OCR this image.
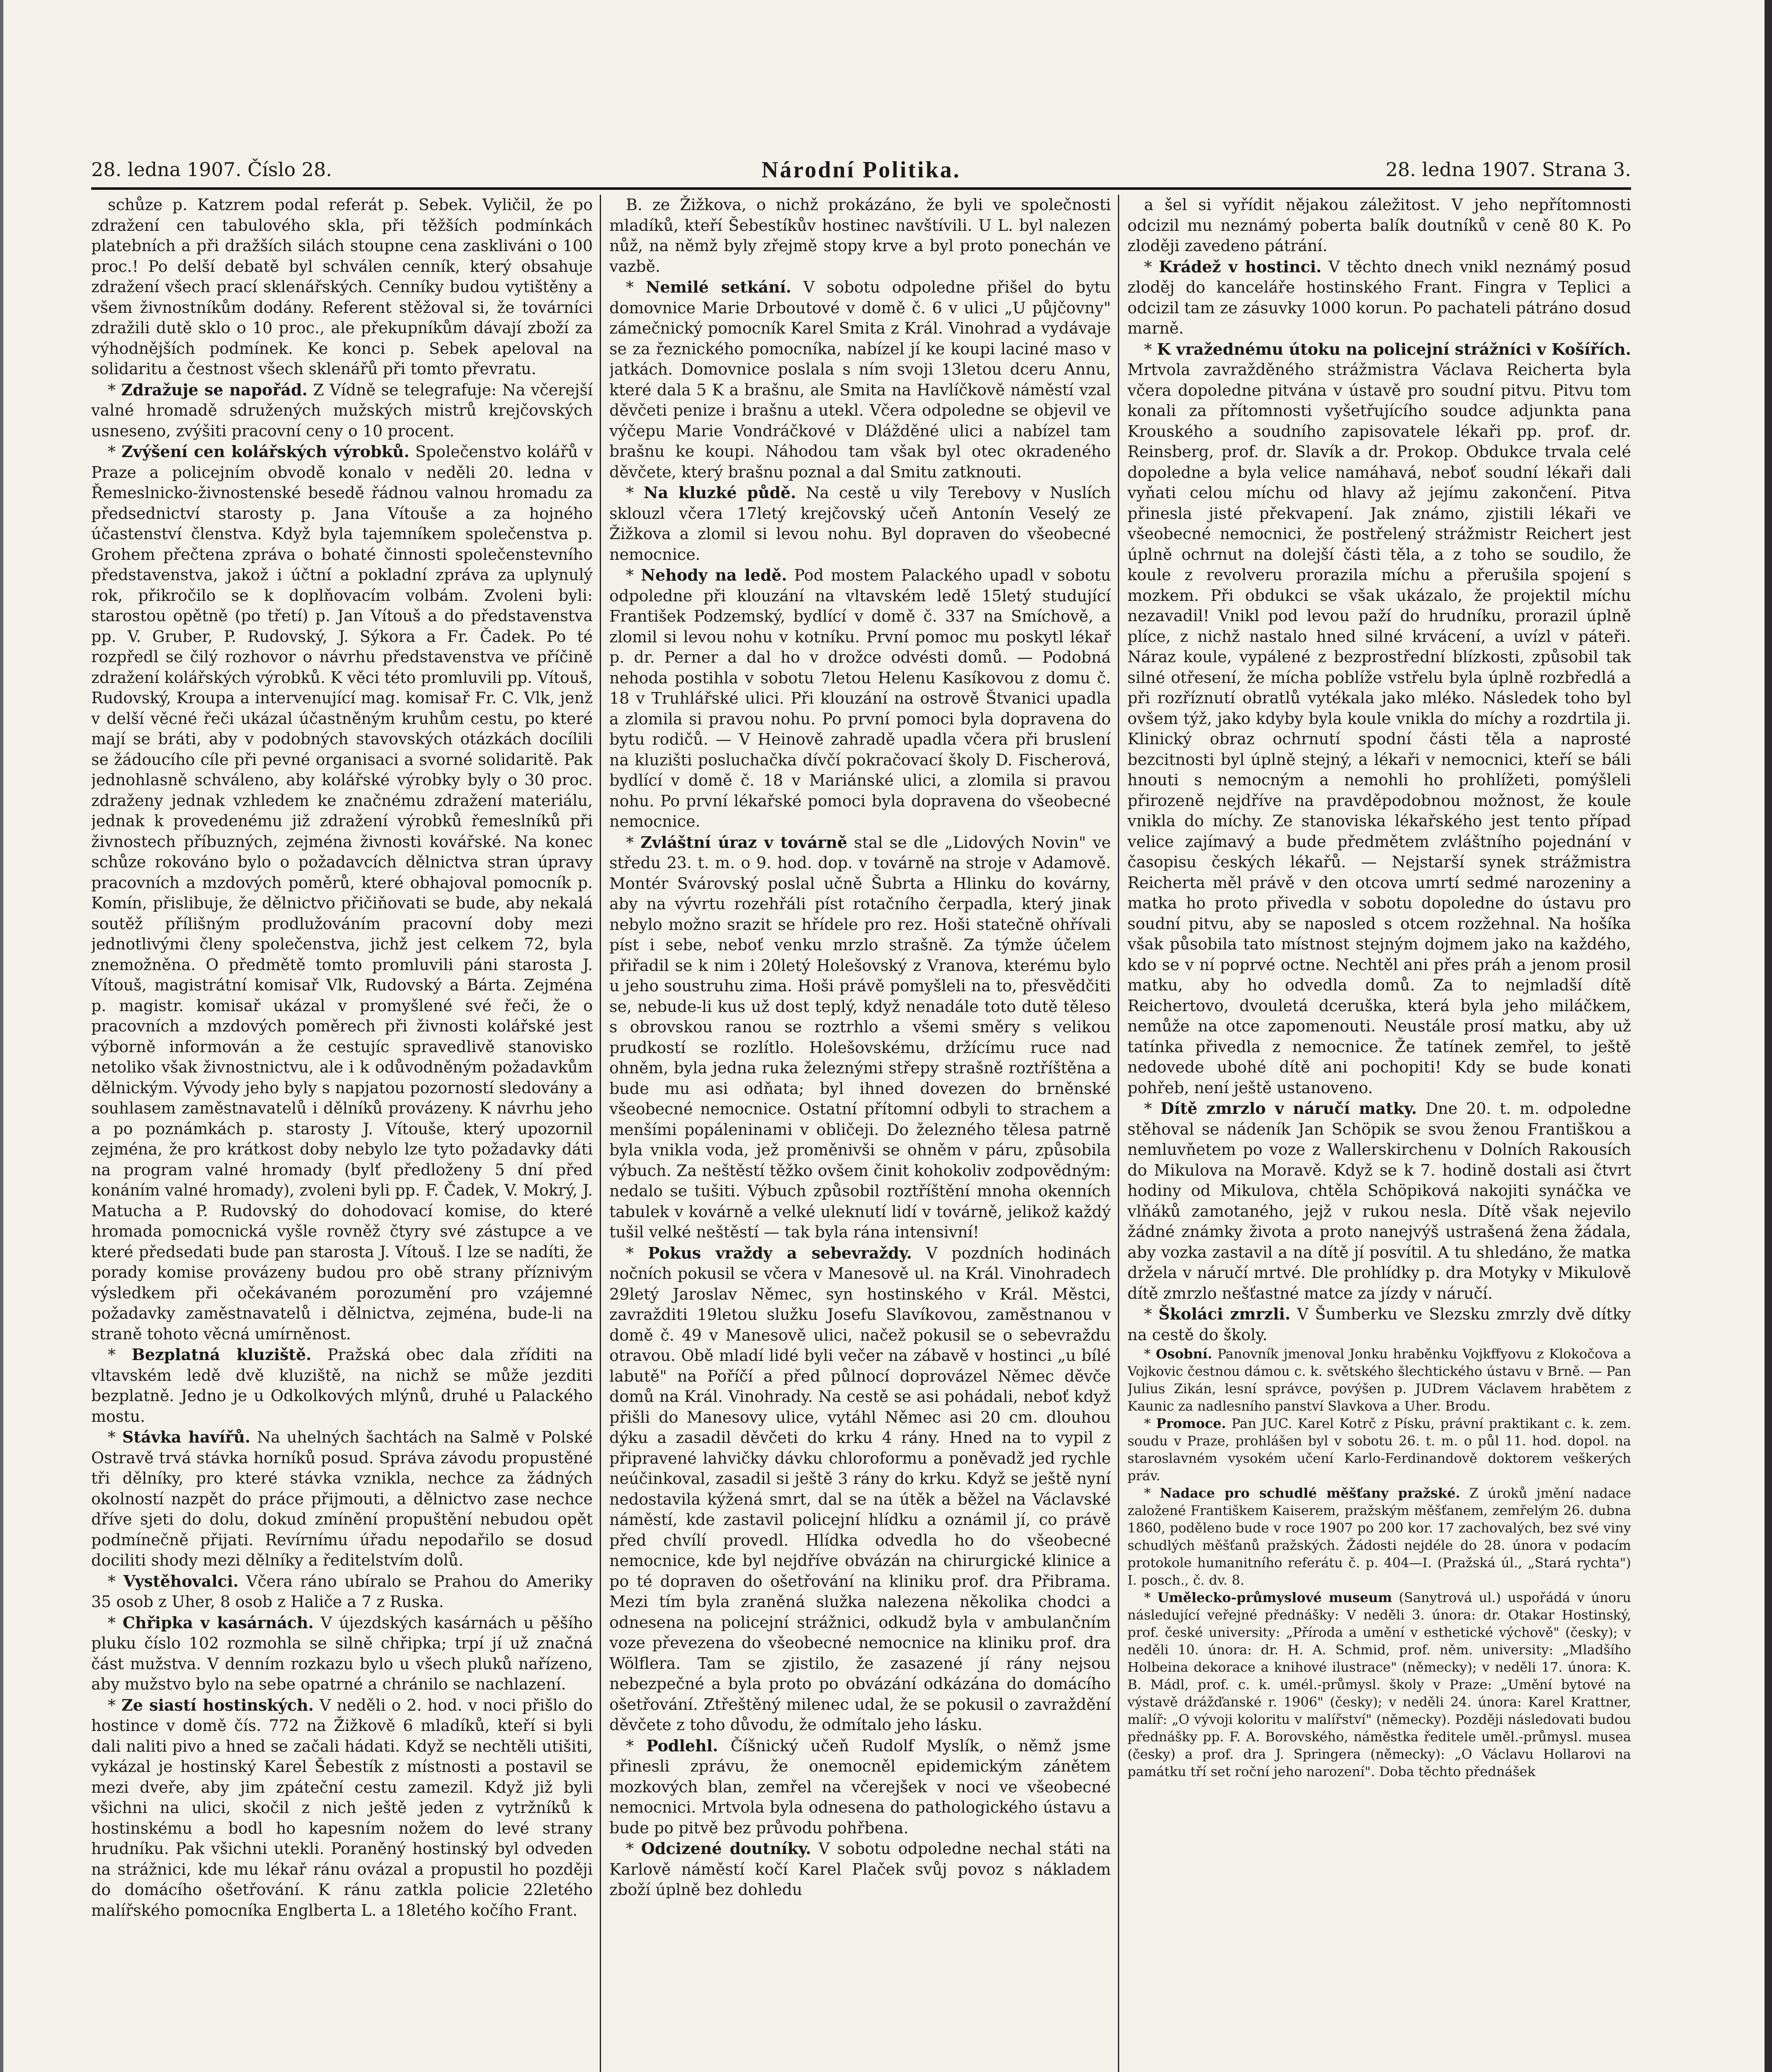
28. ledna 1907. Číslo 28.	Národní Politika.	28. ledna 1907. Strana 3.

schůze p. Katzrem podal referát p. Sebek. Vyličil, že po zdražení cen tabulového skla, při těžších podmínkách platebních a při dražších silách stoupne cena zaskliváni o 100 proc.! Po delší debatě byl schválen cenník, který obsahuje zdražení všech prací sklenářských. Cenníky budou vytištěny a všem živnostníkům dodány. Referent stěžoval si, že továrníci zdražili dutě sklo o 10 proc., ale překupníkům dávají zboží za výhodnějších podmínek. Ke konci p. Sebek apeloval na solidaritu a čestnost všech sklenářů při tomto převratu.

* Zdražuje se napořád. Z Vídně se telegrafuje: Na včerejší valné hromadě sdružených mužských mistrů krejčovských usneseno, zvýšiti pracovní ceny o 10 procent.

* Zvýšení cen kolářských výrobků. Společenstvo kolářů v Praze a policejním obvodě konalo v neděli 20. ledna v Řemeslnicko-živnostenské besedě řádnou valnou hromadu za předsednictví starosty p. Jana Vítouše a za hojného účastenství členstva. Když byla tajemníkem společenstva p. Grohem přečtena zpráva o bohaté činnosti společenstevního představenstva, jakož i účtní a pokladní zpráva za uplynulý rok, přikročilo se k doplňovacím volbám. Zvoleni byli: starostou opětně (po třetí) p. Jan Vítouš a do představenstva pp. V. Gruber, P. Rudovský, J. Sýkora a Fr. Čadek. Po té rozpředl se čilý rozhovor o návrhu představenstva ve příčině zdražení kolářských výrobků. K věci této promluvili pp. Vítouš, Rudovský, Kroupa a intervenující mag. komisař Fr. C. Vlk, jenž v delší věcné řeči ukázal účastněným kruhům cestu, po které mají se bráti, aby v podobných stavovských otázkách docílili se žádoucího cíle při pevné organisaci a svorné solidaritě. Pak jednohlasně schváleno, aby kolářské výrobky byly o 30 proc. zdraženy jednak vzhledem ke značnému zdražení materiálu, jednak k provedenému již zdražení výrobků řemeslníků při živnostech příbuzných, zejména živnosti kovářské. Na konec schůze rokováno bylo o požadavcích dělnictva stran úpravy pracovních a mzdových poměrů, které obhajoval pomocník p. Komín, přislibuje, že dělnictvo přičiňovati se bude, aby nekalá soutěž přílišným prodlužováním pracovní doby mezi jednotlivými členy společenstva, jichž jest celkem 72, byla znemožněna. O předmětě tomto promluvili páni starosta J. Vítouš, magistrátní komisař Vlk, Rudovský a Bárta. Zejména p. magistr. komisař ukázal v promyšlené své řeči, že o pracovních a mzdových poměrech při živnosti kolářské jest výborně informován a že cestujíc spravedlivě stanovisko netoliko však živnostnictvu, ale i k odůvodněným požadavkům dělnickým. Vývody jeho byly s napjatou pozorností sledovány a souhlasem zaměstnavatelů i dělníků provázeny. K návrhu jeho a po poznámkách p. starosty J. Vítouše, který upozornil zejména, že pro krátkost doby nebylo lze tyto požadavky dáti na program valné hromady (bylť předloženy 5 dní před konáním valné hromady), zvoleni byli pp. F. Čadek, V. Mokrý, J. Matucha a P. Rudovský do dohodovací komise, do které hromada pomocnická vyšle rovněž čtyry své zástupce a ve které předsedati bude pan starosta J. Vítouš. I lze se nadíti, že porady komise provázeny budou pro obě strany příznivým výsledkem při očekávaném porozumění pro vzájemné požadavky zaměstnavatelů i dělnictva, zejména, bude-li na straně tohoto věcná umírněnost.

* Bezplatná kluziště. Pražská obec dala zříditi na vltavském ledě dvě kluziště, na nichž se může jezditi bezplatně. Jedno je u Odkolkových mlýnů, druhé u Palackého mostu.

* Stávka havířů. Na uhelných šachtách na Salmě v Polské Ostravě trvá stávka horníků posud. Správa závodu propustěné tři dělníky, pro které stávka vznikla, nechce za žádných okolností nazpět do práce přijmouti, a dělnictvo zase nechce dříve sjeti do dolu, dokud zmínění propuštění nebudou opět podmínečně přijati. Revírnímu úřadu nepodařilo se dosud dociliti shody mezi dělníky a ředitelstvím dolů.

* Vystěhovalci. Včera ráno ubíralo se Prahou do Ameriky 35 osob z Uher, 8 osob z Haliče a 7 z Ruska.

* Chřipka v kasárnách. V újezdských kasárnách u pěšího pluku číslo 102 rozmohla se silně chřipka; trpí jí už značná část mužstva. V denním rozkazu bylo u všech pluků nařízeno, aby mužstvo bylo na sebe opatrné a chránilo se nachlazení.

* Ze siastí hostinských. V neděli o 2. hod. v noci přišlo do hostince v domě čís. 772 na Žižkově 6 mladíků, kteří si byli dali naliti pivo a hned se začali hádati. Když se nechtěli utišiti, vykázal je hostinský Karel Šebestík z místnosti a postavil se mezi dveře, aby jim zpáteční cestu zamezil. Když již byli všichni na ulici, skočil z nich ještě jeden z vytržníků k hostinskému a bodl ho kapesním nožem do levé strany hrudníku. Pak všichni utekli. Poraněný hostinský byl odveden na strážnici, kde mu lékař ránu ovázal a propustil ho později do domácího ošetřování. K ránu zatkla policie 22letého malířského pomocníka Englberta L. a 18letého kočího Frant.

B. ze Žižkova, o nichž prokázáno, že byli ve společnosti mladíků, kteří Šebestíkův hostinec navštívili. U L. byl nalezen nůž, na němž byly zřejmě stopy krve a byl proto ponechán ve vazbě.

* Nemilé setkání. V sobotu odpoledne přišel do bytu domovnice Marie Drboutové v domě č. 6 v ulici „U půjčovny" zámečnický pomocník Karel Smita z Král. Vinohrad a vydávaje se za řeznického pomocníka, nabízel jí ke koupi laciné maso v jatkách. Domovnice poslala s ním svoji 13letou dceru Annu, které dala 5 K a brašnu, ale Smita na Havlíčkově náměstí vzal děvčeti penize i brašnu a utekl. Včera odpoledne se objevil ve výčepu Marie Vondráčkové v Dlážděné ulici a nabízel tam brašnu ke koupi. Náhodou tam však byl otec okradeného děvčete, který brašnu poznal a dal Smitu zatknouti.

* Na kluzké půdě. Na cestě u vily Terebovy v Nuslích sklouzl včera 17letý krejčovský učeň Antonín Veselý ze Žižkova a zlomil si levou nohu. Byl dopraven do všeobecné nemocnice.

* Nehody na ledě. Pod mostem Palackého upadl v sobotu odpoledne při klouzání na vltavském ledě 15letý studující František Podzemský, bydlící v domě č. 337 na Smíchově, a zlomil si levou nohu v kotníku. První pomoc mu poskytl lékař p. dr. Perner a dal ho v drožce odvésti domů. — Podobná nehoda postihla v sobotu 7letou Helenu Kasíkovou z domu č. 18 v Truhlářské ulici. Při klouzání na ostrově Štvanici upadla a zlomila si pravou nohu. Po první pomoci byla dopravena do bytu rodičů. — V Heinově zahradě upadla včera při bruslení na kluzišti posluchačka dívčí pokračovací školy D. Fischerová, bydlící v domě č. 18 v Mariánské ulici, a zlomila si pravou nohu. Po první lékařské pomoci byla dopravena do všeobecné nemocnice.

* Zvláštní úraz v továrně stal se dle „Lidových Novin" ve středu 23. t. m. o 9. hod. dop. v továrně na stroje v Adamově. Montér Svárovský poslal učně Šubrta a Hlinku do kovárny, aby na vývrtu rozehřáli píst rotačního čerpadla, který jinak nebylo možno srazit se hřídele pro rez. Hoši statečně ohřívali píst i sebe, neboť venku mrzlo strašně. Za týmže účelem přiřadil se k nim i 20letý Holešovský z Vranova, kterému bylo u jeho soustruhu zima. Hoši právě pomyšleli na to, přesvědčiti se, nebude-li kus už dost teplý, když nenadále toto dutě těleso s obrovskou ranou se roztrhlo a všemi směry s velikou prudkostí se rozlítlo. Holešovskému, držícímu ruce nad ohněm, byla jedna ruka železnými střepy strašně roztříštěna a bude mu asi odňata; byl ihned dovezen do brněnské všeobecné nemocnice. Ostatní přítomní odbyli to strachem a menšími popáleninami v obličeji. Do železného tělesa patrně byla vnikla voda, jež proměnivši se ohněm v páru, způsobila výbuch. Za neštěstí těžko ovšem činit kohokoliv zodpovědným: nedalo se tušiti. Výbuch způsobil roztříštění mnoha okenních tabulek v kovárně a velké uleknutí lidí v továrně, jelikož každý tušil velké neštěstí — tak byla rána intensivní!

* Pokus vraždy a sebevraždy. V pozdních hodinách nočních pokusil se včera v Manesově ul. na Král. Vinohradech 29letý Jaroslav Němec, syn hostinského v Král. Městci, zavražditi 19letou služku Josefu Slavíkovou, zaměstnanou v domě č. 49 v Manesově ulici, načež pokusil se o sebevraždu otravou. Obě mladí lidé byli večer na zábavě v hostinci „u bílé labutě" na Poříčí a před půlnocí doprovázel Němec děvče domů na Král. Vinohrady. Na cestě se asi pohádali, neboť když přišli do Manesovy ulice, vytáhl Němec asi 20 cm. dlouhou dýku a zasadil děvčeti do krku 4 rány. Hned na to vypil z připravené lahvičky dávku chloroformu a poněvadž jed rychle neúčinkoval, zasadil si ještě 3 rány do krku. Když se ještě nyní nedostavila kýžená smrt, dal se na útěk a běžel na Václavské náměstí, kde zastavil policejní hlídku a oznámil jí, co právě před chvílí provedl. Hlídka odvedla ho do všeobecné nemocnice, kde byl nejdříve obvázán na chirurgické klinice a po té dopraven do ošetřování na kliniku prof. dra Přibrama. Mezi tím byla zraněná služka nalezena několika chodci a odnesena na policejní strážnici, odkudž byla v ambulančním voze převezena do všeobecné nemocnice na kliniku prof. dra Wölflera. Tam se zjistilo, že zasazené jí rány nejsou nebezpečné a byla proto po obvázání odkázána do domácího ošetřování. Ztřeštěný milenec udal, že se pokusil o zavraždění děvčete z toho důvodu, že odmítalo jeho lásku.

* Podlehl. Číšnický učeň Rudolf Myslík, o němž jsme přinesli zprávu, že onemocněl epidemickým zánětem mozkových blan, zemřel na včerejšek v noci ve všeobecné nemocnici. Mrtvola byla odnesena do pathologického ústavu a bude po pitvě bez průvodu pohřbena.

* Odcizené doutníky. V sobotu odpoledne nechal státi na Karlově náměstí kočí Karel Plaček svůj povoz s nákladem zboží úplně bez dohledu

a šel si vyřídit nějakou záležitost. V jeho nepřítomnosti odcizil mu neznámý poberta balík doutníků v ceně 80 K. Po zloději zavedeno pátrání.

* Krádež v hostinci. V těchto dnech vnikl neznámý posud zloděj do kanceláře hostinského Frant. Fingra v Teplici a odcizil tam ze zásuvky 1000 korun. Po pachateli pátráno dosud marně.

* K vražednému útoku na policejní strážníci v Košířích. Mrtvola zavražděného strážmistra Václava Reicherta byla včera dopoledne pitvána v ústavě pro soudní pitvu. Pitvu tom konali za přítomnosti vyšetřujícího soudce adjunkta pana Krouského a soudního zapisovatele lékaři pp. prof. dr. Reinsberg, prof. dr. Slavík a dr. Prokop. Obdukce trvala celé dopoledne a byla velice namáhavá, neboť soudní lékaři dali vyňati celou míchu od hlavy až jejímu zakončení. Pitva přinesla jisté překvapení. Jak známo, zjistili lékaři ve všeobecné nemocnici, že postřelený strážmistr Reichert jest úplně ochrnut na dolejší části těla, a z toho se soudilo, že koule z revolveru prorazila míchu a přerušila spojení s mozkem. Při obdukci se však ukázalo, že projektil míchu nezavadil! Vnikl pod levou paží do hrudníku, prorazil úplně plíce, z nichž nastalo hned silné krvácení, a uvízl v páteři. Náraz koule, vypálené z bezprostřední blízkosti, způsobil tak silné otřesení, že mícha poblíže vstřelu byla úplně rozbředlá a při rozříznutí obratlů vytékala jako mléko. Následek toho byl ovšem týž, jako kdyby byla koule vnikla do míchy a rozdrtila ji. Klinický obraz ochrnutí spodní části těla a naprosté bezcitnosti byl úplně stejný, a lékaři v nemocnici, kteří se báli hnouti s nemocným a nemohli ho prohlížeti, pomýšleli přirozeně nejdříve na pravděpodobnou možnost, že koule vnikla do míchy. Ze stanoviska lékařského jest tento případ velice zajímavý a bude předmětem zvláštního pojednání v časopisu českých lékařů. — Nejstarší synek strážmistra Reicherta měl právě v den otcova umrtí sedmé narozeniny a matka ho proto přivedla v sobotu dopoledne do ústavu pro soudní pitvu, aby se naposled s otcem rozžehnal. Na hošíka však působila tato místnost stejným dojmem jako na každého, kdo se v ní poprvé octne. Nechtěl ani přes práh a jenom prosil matku, aby ho odvedla domů. Za to nejmladší dítě Reichertovo, dvouletá dceruška, která byla jeho miláčkem, nemůže na otce zapomenouti. Neustále prosí matku, aby už tatínka přivedla z nemocnice. Že tatínek zemřel, to ještě nedovede ubohé dítě ani pochopiti! Kdy se bude konati pohřeb, není ještě ustanoveno.

* Dítě zmrzlo v náručí matky. Dne 20. t. m. odpoledne stěhoval se nádeník Jan Schöpik se svou ženou Františkou a nemluvňetem po voze z Wallerskirchenu v Dolních Rakousích do Mikulova na Moravě. Když se k 7. hodině dostali asi čtvrt hodiny od Mikulova, chtěla Schöpiková nakojiti synáčka ve vlňáků zamotaného, jejž v rukou nesla. Dítě však nejevilo žádné známky života a proto nanejvýš ustrašená žena žádala, aby vozka zastavil a na dítě jí posvítil. A tu shledáno, že matka držela v náručí mrtvé. Dle prohlídky p. dra Motyky v Mikulově dítě zmrzlo nešťastné matce za jízdy v náručí.

* Školáci zmrzli. V Šumberku ve Slezsku zmrzly dvě dítky na cestě do školy.

* Osobní. Panovník jmenoval Jonku hraběnku Vojkffyovu z Klokočova a Vojkovic čestnou dámou c. k. světského šlechtického ústavu v Brně. — Pan Julius Zikán, lesní správce, povýšen p. JUDrem Václavem hrabětem z Kaunic za nadlesního panství Slavkova a Uher. Brodu.

* Promoce. Pan JUC. Karel Kotrč z Písku, právní praktikant c. k. zem. soudu v Praze, prohlášen byl v sobotu 26. t. m. o půl 11. hod. dopol. na staroslavném vysokém učení Karlo-Ferdinandově doktorem veškerých práv.

* Nadace pro schudlé měšťany pražské. Z úroků jmění nadace založené Františkem Kaiserem, pražským měšťanem, zemřelým 26. dubna 1860, poděleno bude v roce 1907 po 200 kor. 17 zachovalých, bez své viny schudlých měšťanů pražských. Žádosti nejdéle do 28. února v podacím protokole humanitního referátu č. p. 404—I. (Pražská úl., „Stará rychta") I. posch., č. dv. 8.

* Umělecko-průmyslové museum (Sanytrová ul.) uspořádá v únoru následující veřejné přednášky: V neděli 3. února: dr. Otakar Hostinský, prof. české university: „Příroda a umění v esthetické výchově" (česky); v neděli 10. února: dr. H. A. Schmid, prof. něm. university: „Mladšího Holbeina dekorace a knihové ilustrace" (německy); v neděli 17. února: K. B. Mádl, prof. c. k. umél.-průmysl. školy v Praze: „Umění bytové na výstavě drážďanské r. 1906" (česky); v neděli 24. února: Karel Krattner, malíř: „O vývoji koloritu v malířství" (německy). Později následovati budou přednášky pp. F. A. Borovského, náměstka ředitele uměl.-průmysl. musea (česky) a prof. dra J. Springera (německy): „O Václavu Hollarovi na památku tří set roční jeho narození". Doba těchto přednášek
